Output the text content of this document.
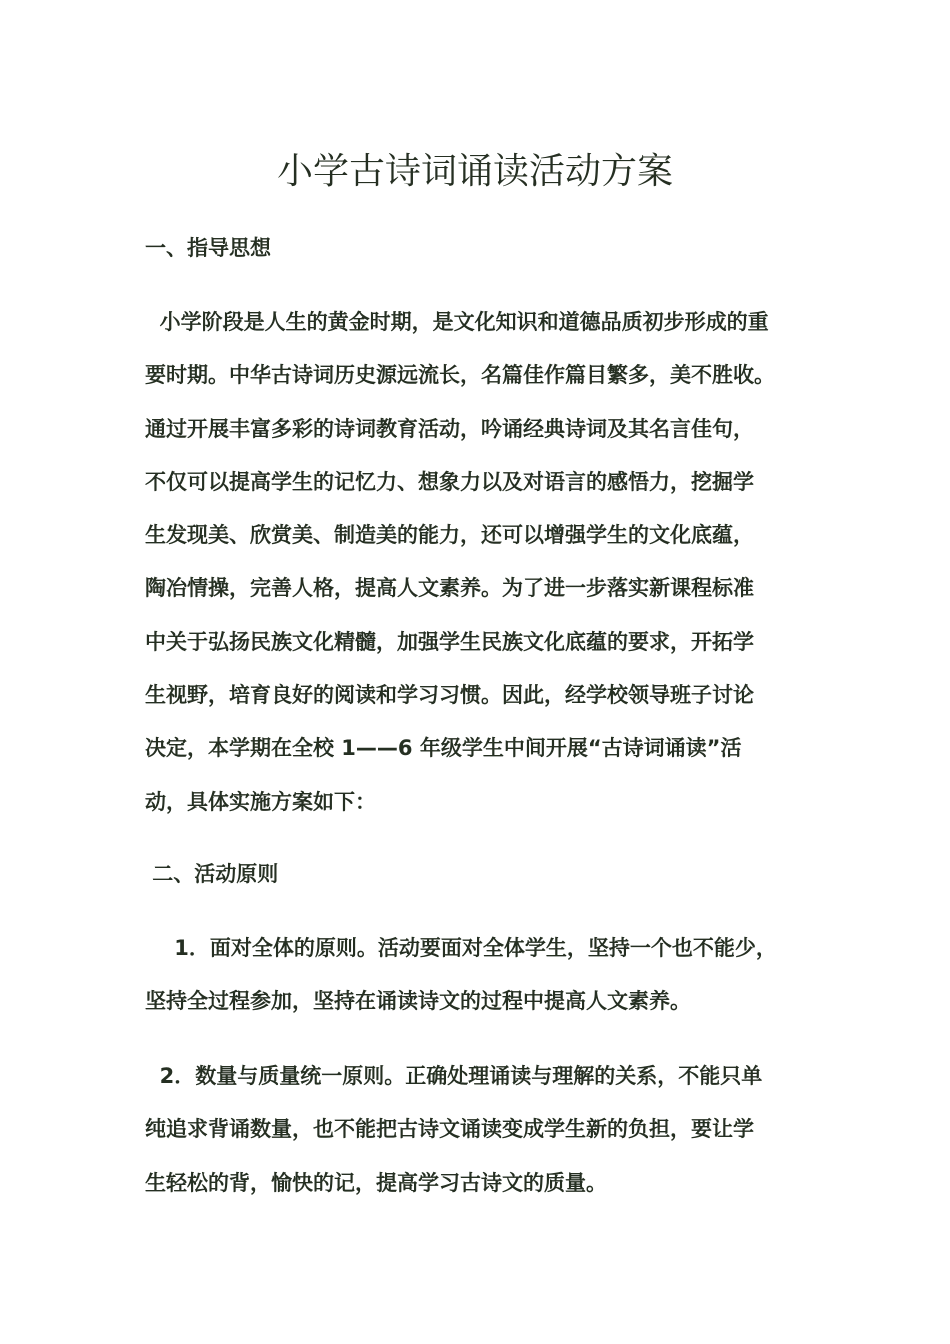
小学古诗词诵读活动方案
一、指导思想

小学阶段是人生的黄金时期，是文化知识和道德品质初步形成的重
要时期。中华古诗词历史源远流长，名篇佳作篇目繁多，美不胜收。
通过开展丰富多彩的诗词教育活动，吟诵经典诗词及其名言佳句，
不仅可以提高学生的记忆力、想象力以及对语言的感悟力，挖掘学
生发现美、欣赏美、制造美的能力，还可以增强学生的文化底蕴，
陶冶情操，完善人格，提高人文素养。为了进一步落实新课程标准
中关于弘扬民族文化精髓，加强学生民族文化底蕴的要求，开拓学
生视野，培育良好的阅读和学习习惯。因此，经学校领导班子讨论
决定，本学期在全校 1——6 年级学生中间开展“古诗词诵读”活
动，具体实施方案如下：

二、活动原则

1．面对全体的原则。活动要面对全体学生，坚持一个也不能少，
坚持全过程参加，坚持在诵读诗文的过程中提高人文素养。

2．数量与质量统一原则。正确处理诵读与理解的关系，不能只单
纯追求背诵数量，也不能把古诗文诵读变成学生新的负担，要让学
生轻松的背，愉快的记，提高学习古诗文的质量。
